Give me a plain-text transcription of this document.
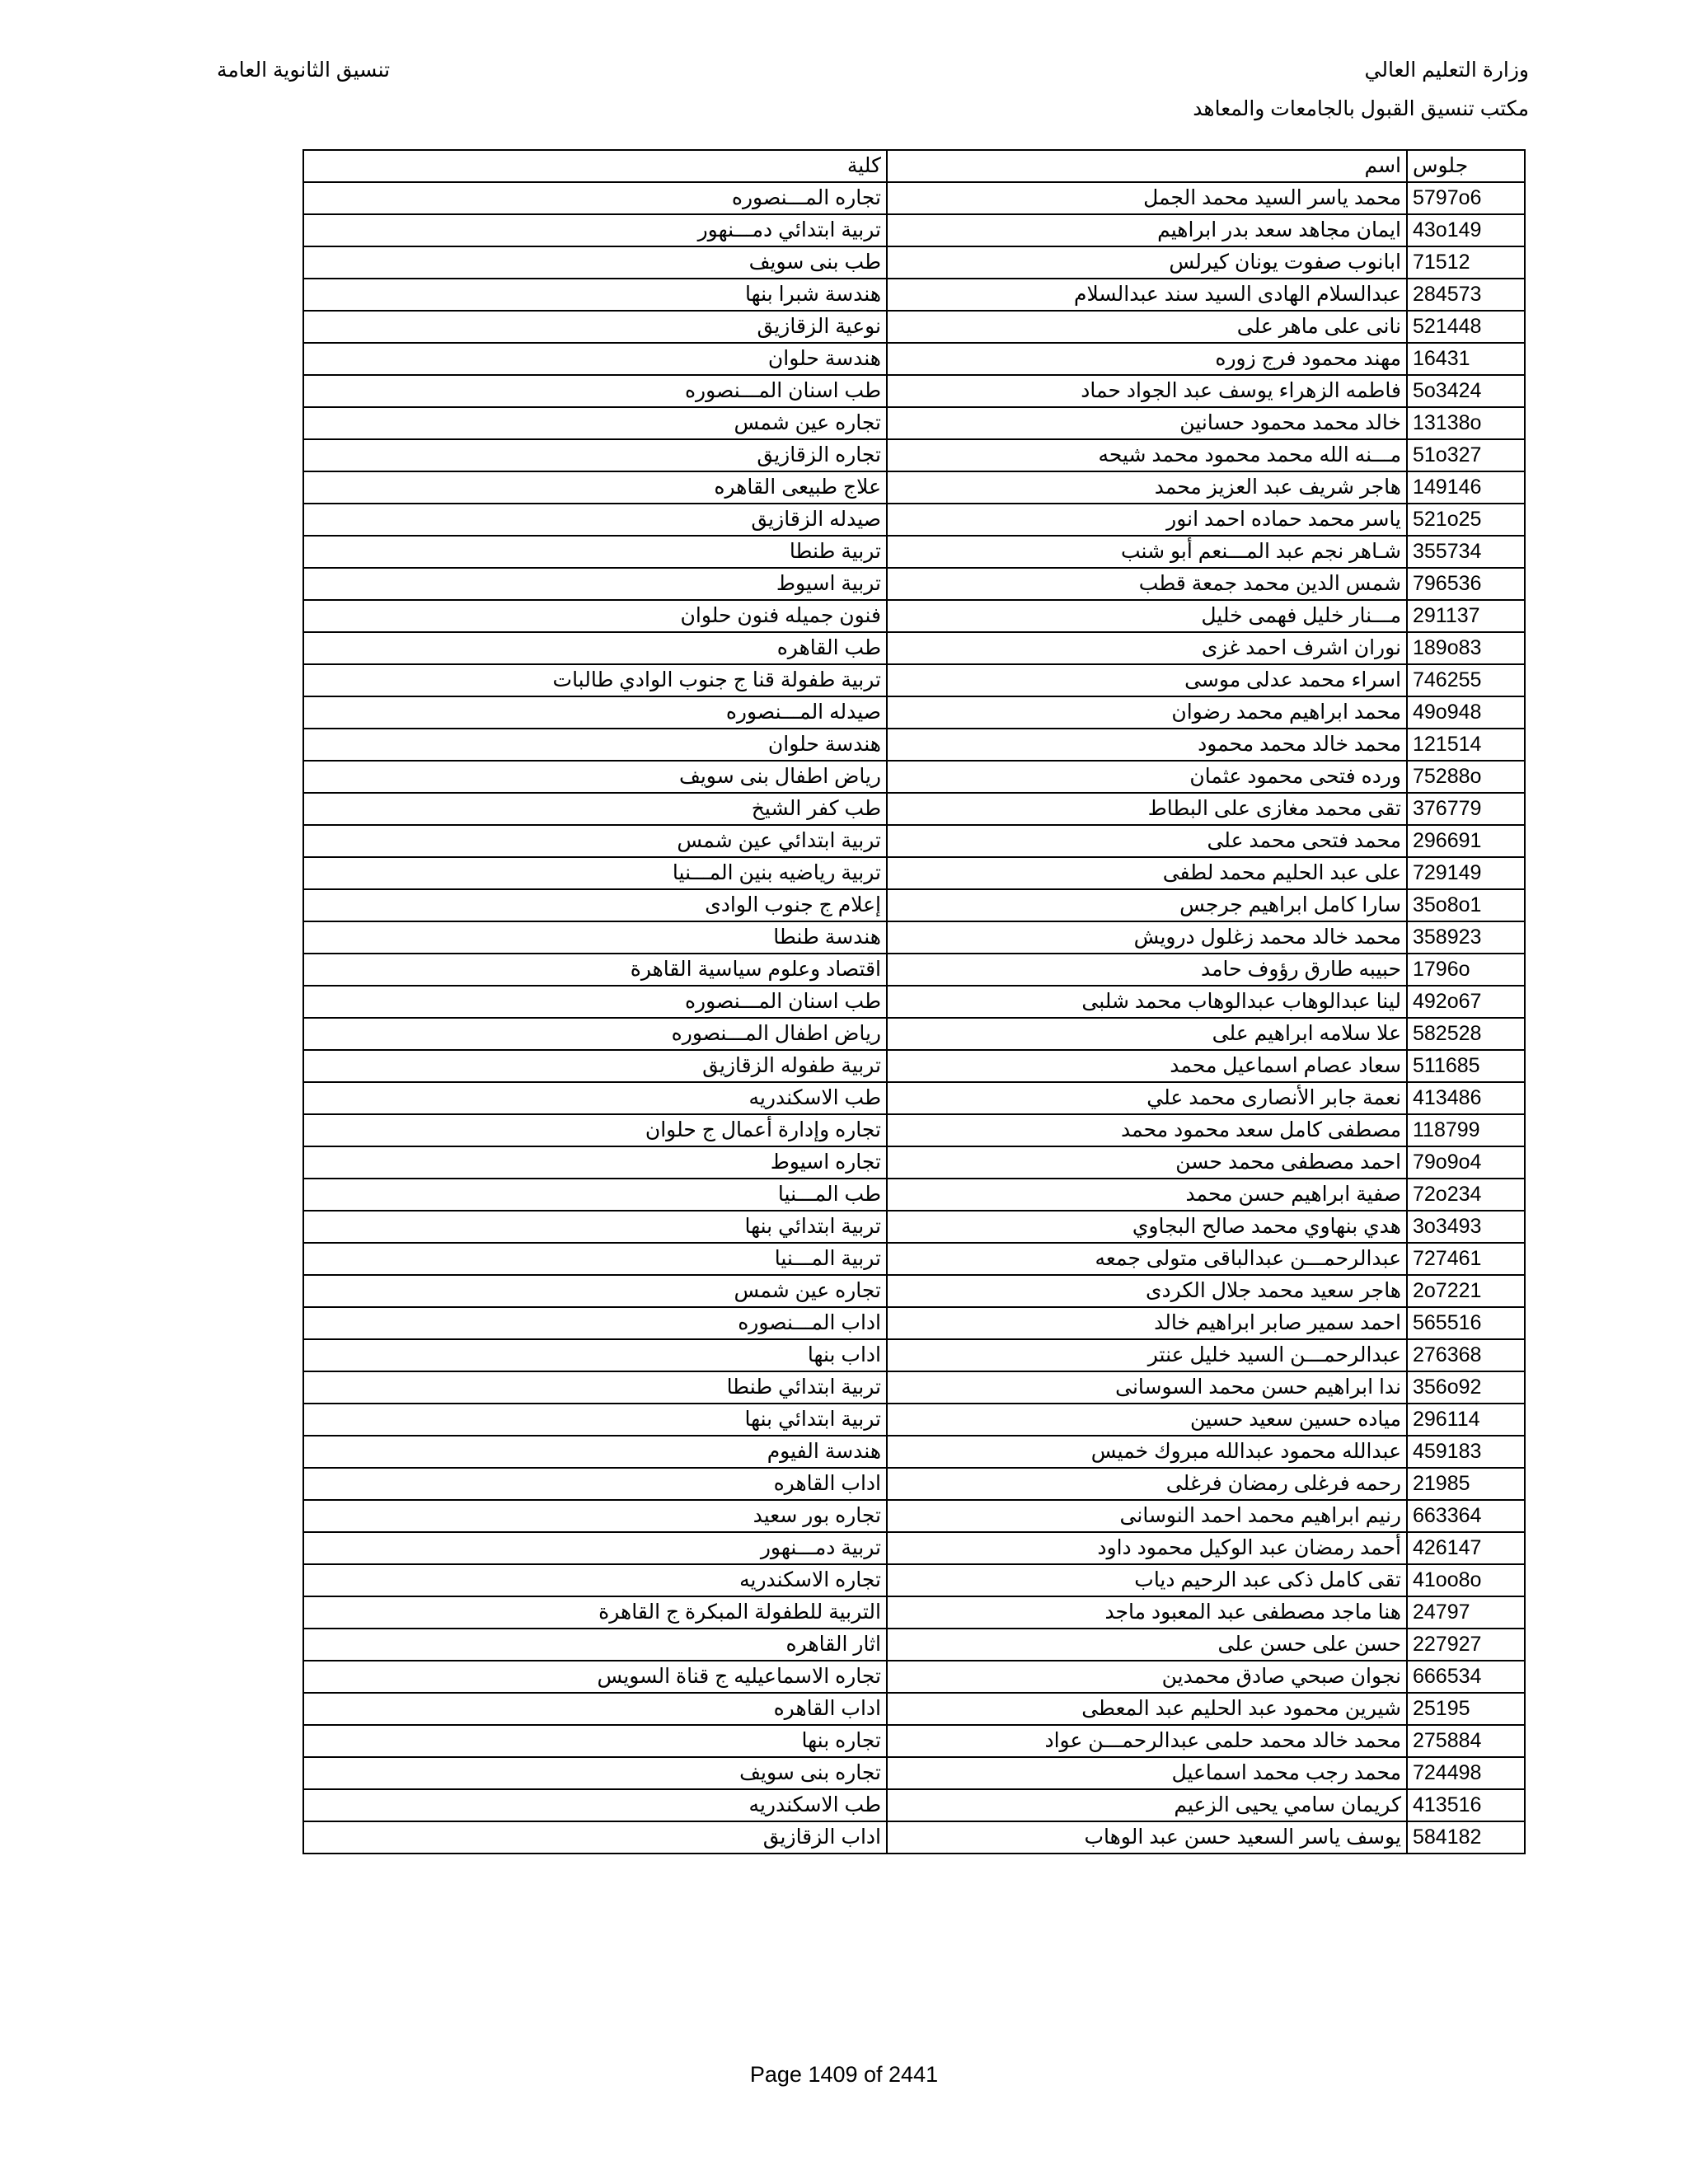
وزارة التعليم العالي
مكتب تنسيق القبول بالجامعات والمعاهد
تنسيق الثانوية العامة
كلية	اسم	جلوس
تجاره المـــنصوره	محمد ياسر السيد محمد الجمل	5797o6
تربية ابتدائي دمـــنهور	ايمان مجاهد سعد بدر ابراهيم	43o149
طب بنى سويف	ابانوب صفوت يونان كيرلس	71512
هندسة شبرا بنها	عبدالسلام الهادى السيد سند عبدالسلام	284573
نوعية الزقازيق	نانى على ماهر على	521448
هندسة حلوان	مهند محمود فرج زوره	16431
طب اسنان المـــنصوره	فاطمه الزهراء يوسف عبد الجواد حماد	5o3424
تجاره عين شمس	خالد محمد محمود حسانين	13138o
تجاره الزقازيق	مـــنه الله محمد محمود محمد شيحه	51o327
علاج طبيعى القاهره	هاجر شريف عبد العزيز محمد	149146
صيدله الزقازيق	ياسر محمد حماده احمد انور	521o25
تربية طنطا	شـاهر نجم عبد المـــنعم أبو شنب	355734
تربية اسيوط	شمس الدين محمد جمعة قطب	796536
فنون جميله فنون حلوان	مـــنار خليل فهمى خليل	291137
طب القاهره	نوران اشرف احمد غزى	189o83
تربية طفولة قنا ج جنوب الوادي طالبات	اسراء محمد عدلى موسى	746255
صيدله المـــنصوره	محمد ابراهيم محمد رضوان	49o948
هندسة حلوان	محمد خالد محمد محمود	121514
رياض اطفال بنى سويف	ورده فتحى محمود عثمان	75288o
طب كفر الشيخ	تقى محمد مغازى على البطاط	376779
تربية ابتدائي عين شمس	محمد فتحى محمد على	296691
تربية رياضيه بنين المـــنيا	على عبد الحليم محمد لطفى	729149
إعلام ج جنوب الوادى	سارا كامل ابراهيم جرجس	35o8o1
هندسة طنطا	محمد خالد محمد زغلول درويش	358923
اقتصاد وعلوم سياسية القاهرة	حبيبه طارق رؤوف حامد	1796o
طب اسنان المـــنصوره	لينا عبدالوهاب عبدالوهاب محمد شلبى	492o67
رياض اطفال المـــنصوره	علا سلامه ابراهيم على	582528
تربية طفوله الزقازيق	سعاد عصام اسماعيل محمد	511685
طب الاسكندريه	نعمة جابر الأنصارى محمد علي	413486
تجاره وإدارة أعمال ج حلوان	مصطفى كامل سعد محمود محمد	118799
تجاره اسيوط	احمد مصطفى محمد حسن	79o9o4
طب المـــنيا	صفية ابراهيم حسن محمد	72o234
تربية ابتدائي بنها	هدي بنهاوي محمد صالح البجاوي	3o3493
تربية المـــنيا	عبدالرحمـــن عبدالباقى متولى جمعه	727461
تجاره عين شمس	هاجر سعيد محمد جلال الكردى	2o7221
اداب المـــنصوره	احمد سمير صابر ابراهيم خالد	565516
اداب بنها	عبدالرحمـــن السيد خليل عنتر	276368
تربية ابتدائي طنطا	ندا ابراهيم حسن محمد السوسانى	356o92
تربية ابتدائي بنها	مياده حسين سعيد حسين	296114
هندسة الفيوم	عبدالله محمود عبدالله مبروك خميس	459183
اداب القاهره	رحمه فرغلى رمضان فرغلى	21985
تجاره بور سعيد	رنيم ابراهيم محمد احمد النوسانى	663364
تربية دمـــنهور	أحمد رمضان عبد الوكيل محمود داود	426147
تجاره الاسكندريه	تقى كامل ذكى عبد الرحيم دياب	41oo8o
التربية للطفولة المبكرة ج القاهرة	هنا ماجد مصطفى عبد المعبود ماجد	24797
اثار القاهره	حسن على حسن على	227927
تجاره الاسماعيليه ج قناة السويس	نجوان صبحي صادق محمدين	666534
اداب القاهره	شيرين محمود عبد الحليم عبد المعطى	25195
تجاره بنها	محمد خالد محمد حلمى عبدالرحمـــن عواد	275884
تجاره بنى سويف	محمد رجب محمد اسماعيل	724498
طب الاسكندريه	كريمان سامي يحيى الزعيم	413516
اداب الزقازيق	يوسف ياسر السعيد حسن عبد الوهاب	584182
Page 1409 of 2441
